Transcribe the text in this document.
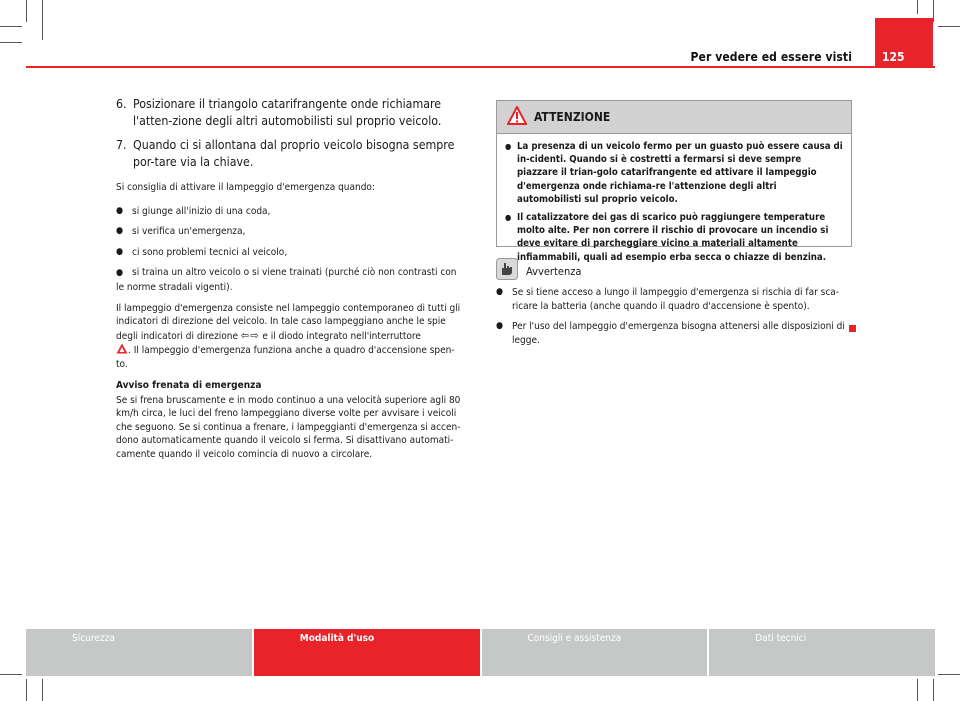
Per vedere ed essere visti	125
6. Posizionare il triangolo catarifrangente onde richiamare l'atten-zione degli altri automobilisti sul proprio veicolo.
7. Quando ci si allontana dal proprio veicolo bisogna sempre por-tare via la chiave.

Si consiglia di attivare il lampeggio d'emergenza quando:

● si giunge all'inizio di una coda,
● si verifica un'emergenza,
● ci sono problemi tecnici al veicolo,
● si traina un altro veicolo o si viene trainati (purché ciò non contrasti con le norme stradali vigenti).

Il lampeggio d'emergenza consiste nel lampeggio contemporaneo di tutti gli indicatori di direzione del veicolo. In tale caso lampeggiano anche le spie degli indicatori di direzione ⇦⇨ e il diodo integrato nell'interruttore
. Il lampeggio d'emergenza funziona anche a quadro d'accensione spen-to.

Avviso frenata di emergenza

Se si frena bruscamente e in modo continuo a una velocità superiore agli 80 km/h circa, le luci del freno lampeggiano diverse volte per avvisare i veicoli che seguono. Se si continua a frenare, i lampeggianti d'emergenza si accen-dono automaticamente quando il veicolo si ferma. Si disattivano automati-camente quando il veicolo comincia di nuovo a circolare.

ATTENZIONE
● La presenza di un veicolo fermo per un guasto può essere causa di in-cidenti. Quando si è costretti a fermarsi si deve sempre piazzare il trian-golo catarifrangente ed attivare il lampeggio d'emergenza onde richiama-re l'attenzione degli altri automobilisti sul proprio veicolo.
● Il catalizzatore dei gas di scarico può raggiungere temperature molto alte. Per non correre il rischio di provocare un incendio si deve evitare di parcheggiare vicino a materiali altamente infiammabili, quali ad esempio erba secca o chiazze di benzina.
Avvertenza
● Se si tiene acceso a lungo il lampeggio d'emergenza si rischia di far sca-ricare la batteria (anche quando il quadro d'accensione è spento).
● Per l'uso del lampeggio d'emergenza bisogna attenersi alle disposizioni di legge.
Sicurezza	Modalità d'uso	Consigli e assistenza	Dati tecnici
